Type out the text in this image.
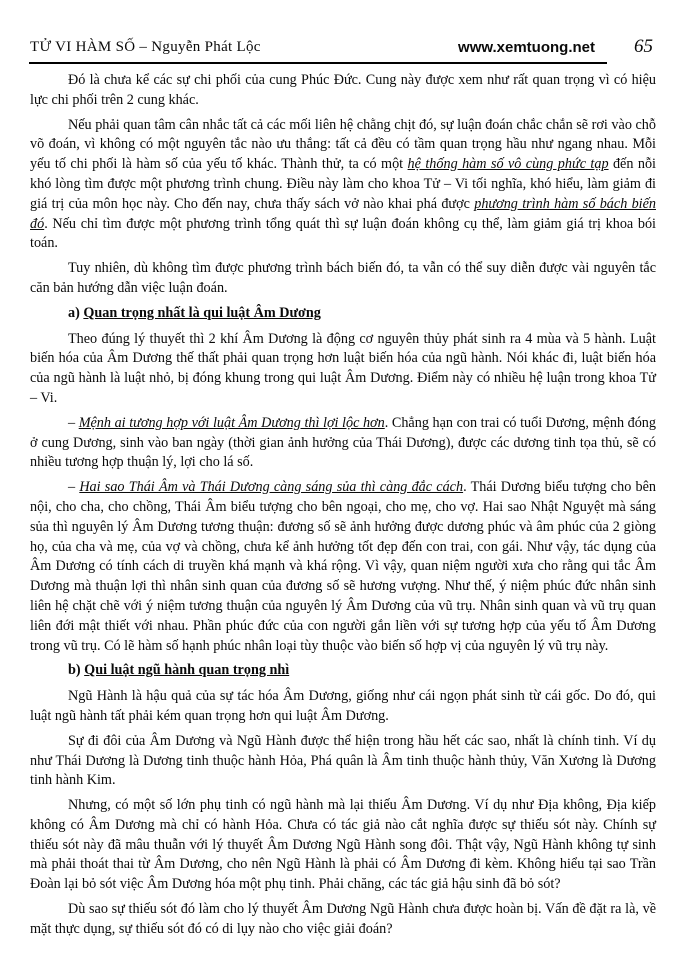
TỬ VI HÀM SỐ – Nguyễn Phát Lộc	www.xemtuong.net 65

Đó là chưa kể các sự chi phối của cung Phúc Đức. Cung này được xem như rất quan trọng vì có hiệu lực chi phối trên 2 cung khác.

Nếu phải quan tâm cân nhắc tất cả các mối liên hệ chằng chịt đó, sự luận đoán chắc chắn sẽ rơi vào chỗ võ đoán, vì không có một nguyên tắc nào ưu thắng: tất cả đều có tầm quan trọng hầu như ngang nhau. Mỗi yếu tố chi phối là hàm số của yếu tố khác. Thành thử, ta có một hệ thống hàm số vô cùng phức tạp đến nỗi khó lòng tìm được một phương trình chung. Điều này làm cho khoa Tử – Vi tối nghĩa, khó hiểu, làm giảm đi giá trị của môn học này. Cho đến nay, chưa thấy sách vở nào khai phá được phương trình hàm số bách biến đó. Nếu chỉ tìm được một phương trình tổng quát thì sự luận đoán không cụ thể, làm giảm giá trị khoa bói toán.

Tuy nhiên, dù không tìm được phương trình bách biến đó, ta vẫn có thể suy diễn được vài nguyên tắc căn bản hướng dẫn việc luận đoán.

a) Quan trọng nhất là qui luật Âm Dương

Theo đúng lý thuyết thì 2 khí Âm Dương là động cơ nguyên thủy phát sinh ra 4 mùa và 5 hành. Luật biến hóa của Âm Dương thế thất phải quan trọng hơn luật biến hóa của ngũ hành. Nói khác đi, luật biến hóa của ngũ hành là luật nhỏ, bị đóng khung trong qui luật Âm Dương. Điểm này có nhiều hệ luận trong khoa Tử – Vi.

– Mệnh ai tương hợp với luật Âm Dương thì lợi lộc hơn. Chẳng hạn con trai có tuổi Dương, mệnh đóng ở cung Dương, sinh vào ban ngày (thời gian ảnh hưởng của Thái Dương), được các dương tinh tọa thủ, sẽ có nhiều tương hợp thuận lý, lợi cho lá số.

– Hai sao Thái Âm và Thái Dương càng sáng sủa thì càng đắc cách. Thái Dương biểu tượng cho bên nội, cho cha, cho chồng, Thái Âm biểu tượng cho bên ngoại, cho mẹ, cho vợ. Hai sao Nhật Nguyệt mà sáng sủa thì nguyên lý Âm Dương tương thuận: đương số sẽ ảnh hưởng được dương phúc và âm phúc của 2 giòng họ, của cha và mẹ, của vợ và chồng, chưa kể ảnh hưởng tốt đẹp đến con trai, con gái. Như vậy, tác dụng của Âm Dương có tính cách di truyền khá mạnh và khá rộng. Vì vậy, quan niệm người xưa cho rằng qui tắc Âm Dương mà thuận lợi thì nhân sinh quan của đương số sẽ hương vượng. Như thế, ý niệm phúc đức nhân sinh liên hệ chặt chẽ với ý niệm tương thuận của nguyên lý Âm Dương của vũ trụ. Nhân sinh quan và vũ trụ quan liên đới mật thiết với nhau. Phần phúc đức của con người gắn liền với sự tương hợp của yếu tố Âm Dương trong vũ trụ. Có lẽ hàm số hạnh phúc nhân loại tùy thuộc vào biến số hợp vị của nguyên lý vũ trụ này.

b) Qui luật ngũ hành quan trọng nhì

Ngũ Hành là hậu quả của sự tác hóa Âm Dương, giống như cái ngọn phát sinh từ cái gốc. Do đó, qui luật ngũ hành tất phải kém quan trọng hơn qui luật Âm Dương.

Sự đi đôi của Âm Dương và Ngũ Hành được thể hiện trong hầu hết các sao, nhất là chính tinh. Ví dụ như Thái Dương là Dương tinh thuộc hành Hỏa, Phá quân là Âm tinh thuộc hành thủy, Văn Xương là Dương tinh hành Kim.

Nhưng, có một số lớn phụ tinh có ngũ hành mà lại thiếu Âm Dương. Ví dụ như Địa không, Địa kiếp không có Âm Dương mà chỉ có hành Hỏa. Chưa có tác giả nào cắt nghĩa được sự thiếu sót này. Chính sự thiếu sót này đã mâu thuẫn với lý thuyết Âm Dương Ngũ Hành song đôi. Thật vậy, Ngũ Hành không tự sinh mà phải thoát thai từ Âm Dương, cho nên Ngũ Hành là phải có Âm Dương đi kèm. Không hiểu tại sao Trần Đoàn lại bỏ sót việc Âm Dương hóa một phụ tinh. Phải chăng, các tác giả hậu sinh đã bỏ sót?

Dù sao sự thiếu sót đó làm cho lý thuyết Âm Dương Ngũ Hành chưa được hoàn bị. Vấn đề đặt ra là, về mặt thực dụng, sự thiếu sót đó có di lụy nào cho việc giải đoán?
